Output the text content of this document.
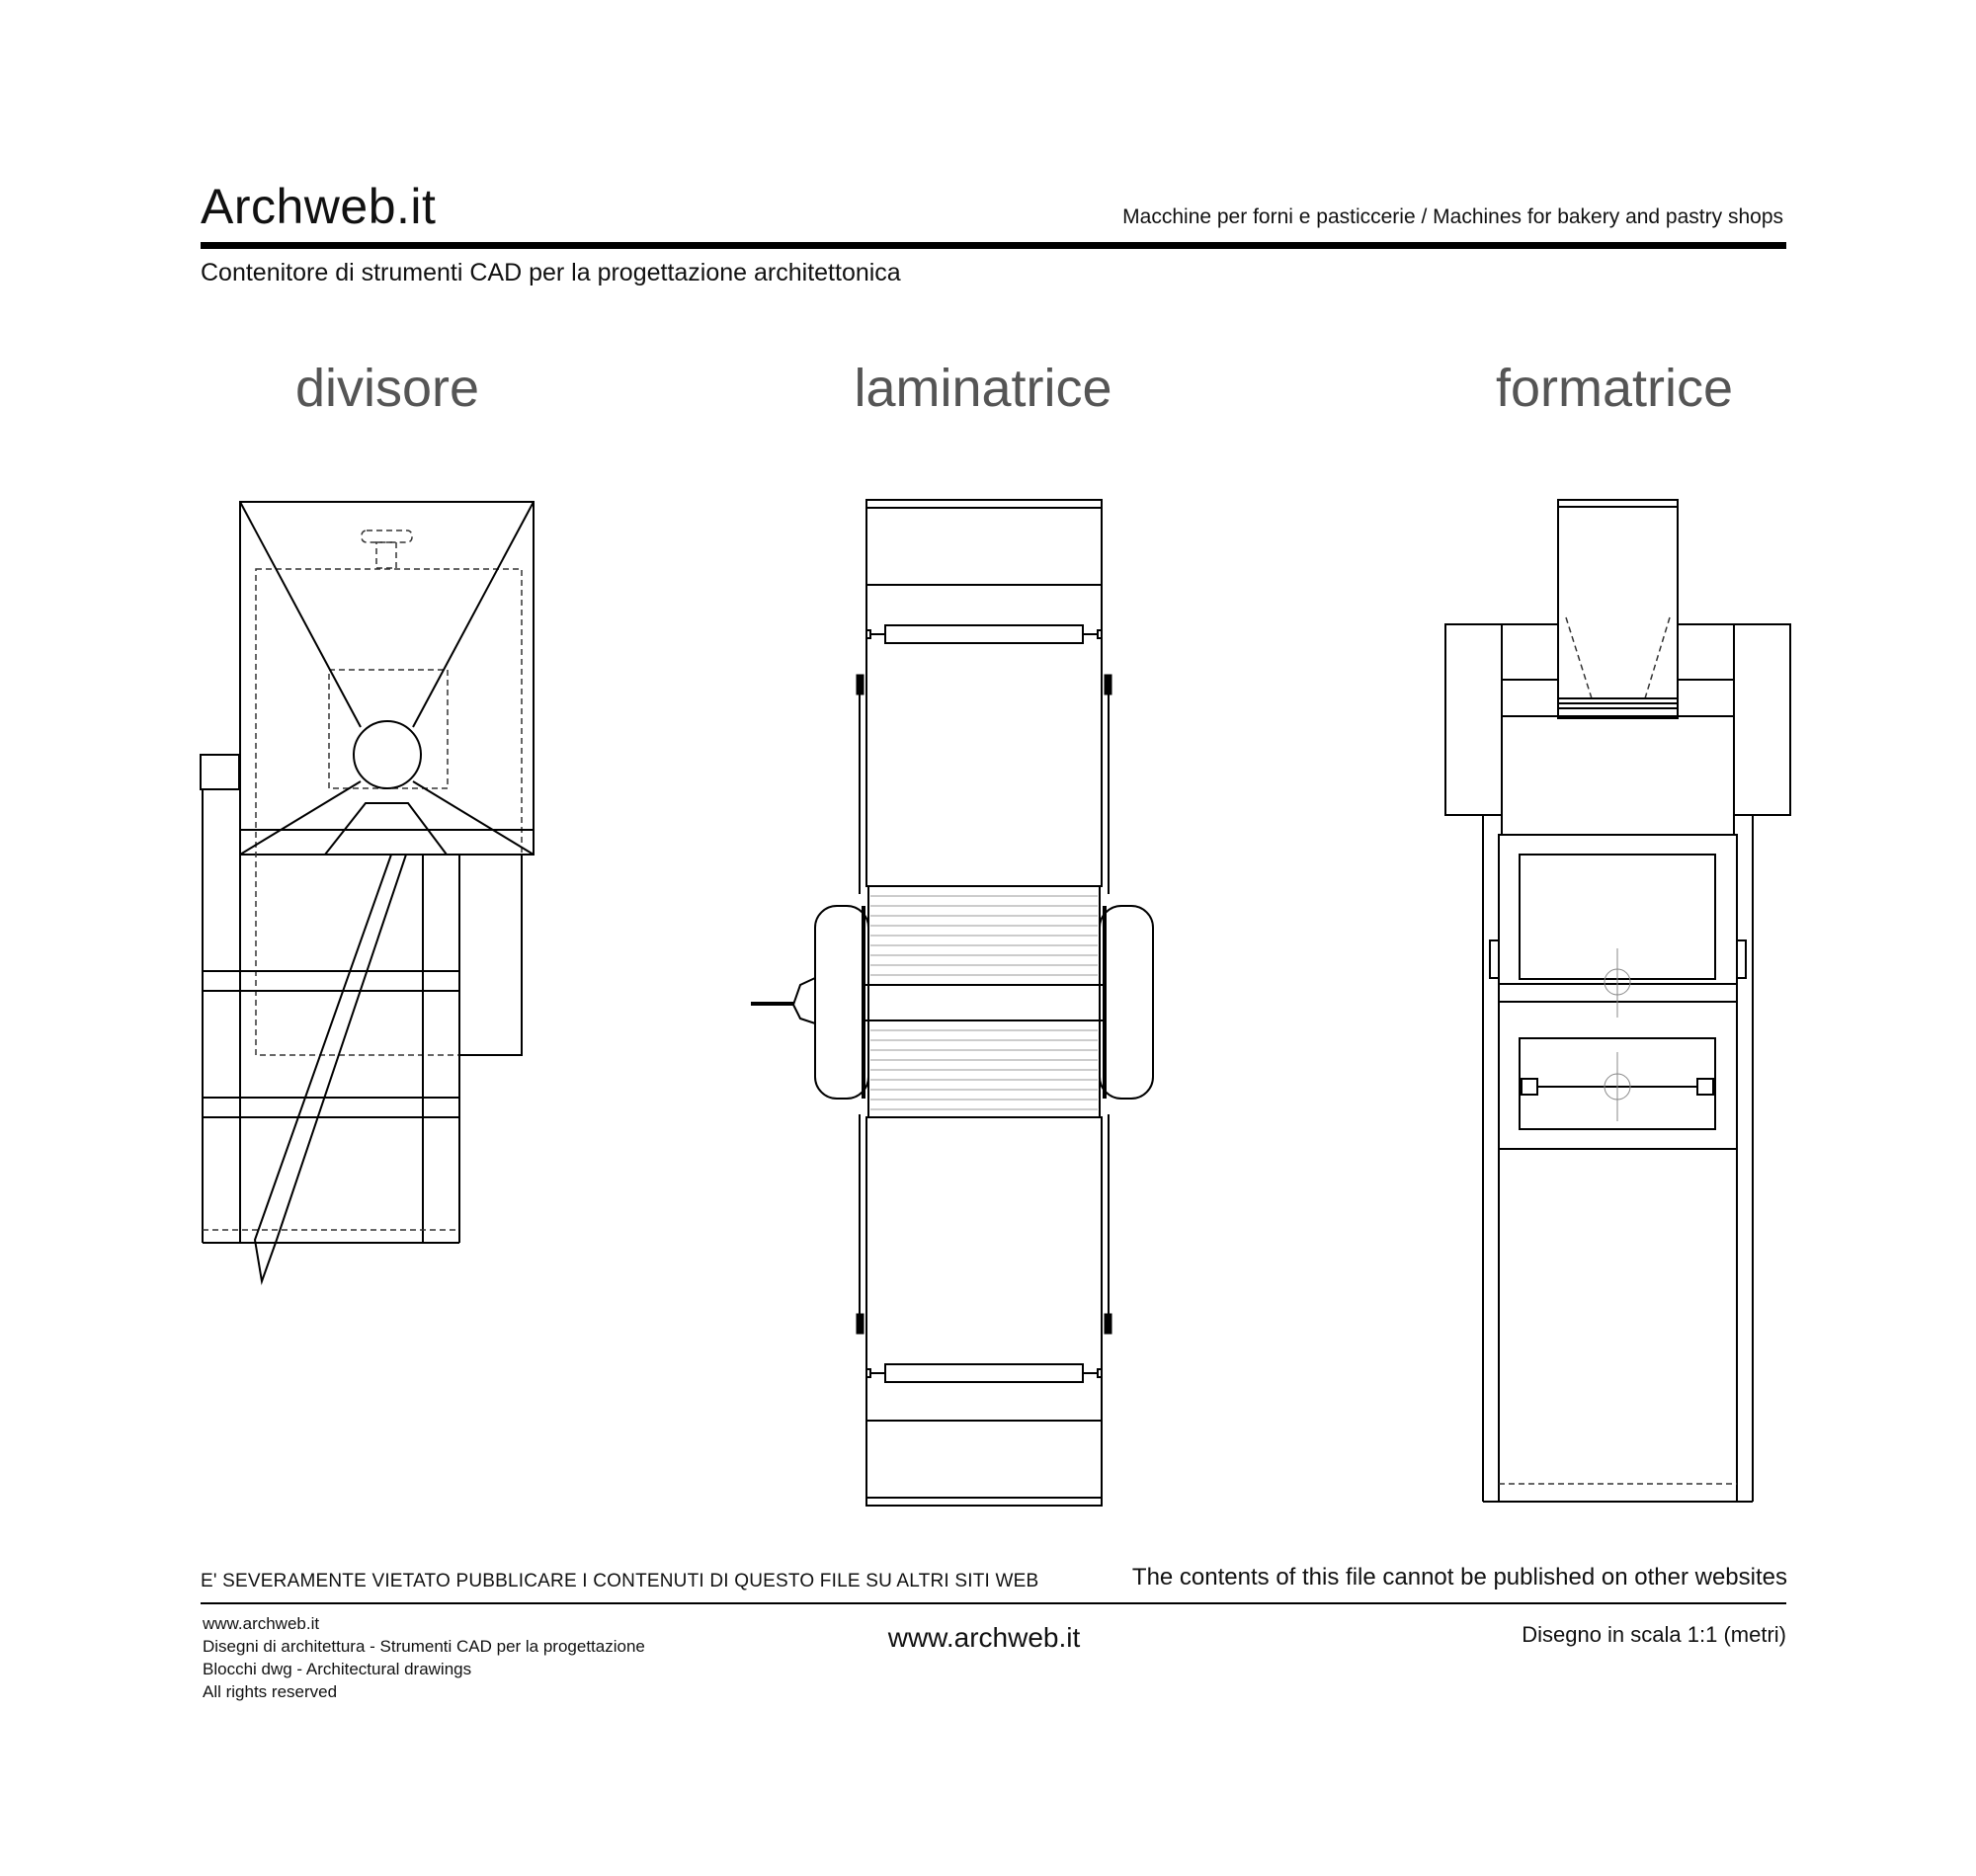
Archweb.it	Macchine per forni e pasticcerie / Machines for bakery and pastry shops
Contenitore di strumenti CAD per la progettazione architettonica
divisore	laminatrice	formatrice
E' SEVERAMENTE VIETATO PUBBLICARE I CONTENUTI DI QUESTO FILE SU ALTRI SITI WEB	The contents of this file cannot be published on other websites
www.archweb.it
Disegni di architettura - Strumenti CAD per la progettazione
Blocchi dwg - Architectural drawings
All rights reserved
www.archweb.it	Disegno in scala 1:1 (metri)
